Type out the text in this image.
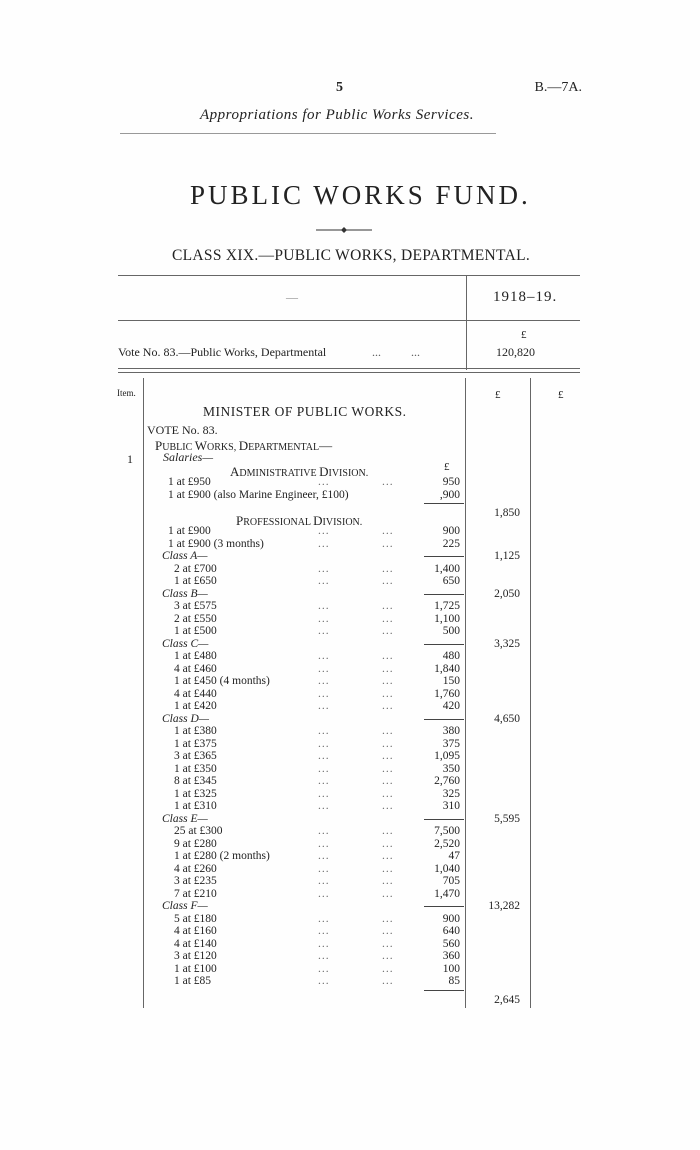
5	B.—7A.
Appropriations for Public Works Services.
PUBLIC WORKS FUND.
CLASS XIX.—PUBLIC WORKS, DEPARTMENTAL.
—	1918–19.
£
Vote No. 83.—Public Works, Departmental	...          ...	120,820
Item.	£	£
MINISTER OF PUBLIC WORKS.
VOTE No. 83.
PUBLIC WORKS, DEPARTMENTAL—
1	Salaries—
£
ADMINISTRATIVE DIVISION.
PROFESSIONAL DIVISION.
1 at £950	...	...	950
1 at £900 (also Marine Engineer, £100)	,900
1,850
1 at £900	...	...	900
1 at £900 (3 months)	...	...	225
Class A—	1,125
2 at £700	...	...	1,400
1 at £650	...	...	650
Class B—	2,050
3 at £575	...	...	1,725
2 at £550	...	...	1,100
1 at £500	...	...	500
Class C—	3,325
1 at £480	...	...	480
4 at £460	...	...	1,840
1 at £450 (4 months)	...	...	150
4 at £440	...	...	1,760
1 at £420	...	...	420
Class D—	4,650
1 at £380	...	...	380
1 at £375	...	...	375
3 at £365	...	...	1,095
1 at £350	...	...	350
8 at £345	...	...	2,760
1 at £325	...	...	325
1 at £310	...	...	310
Class E—	5,595
25 at £300	...	...	7,500
9 at £280	...	...	2,520
1 at £280 (2 months)	...	...	47
4 at £260	...	...	1,040
3 at £235	...	...	705
7 at £210	...	...	1,470
Class F—	13,282
5 at £180	...	...	900
4 at £160	...	...	640
4 at £140	...	...	560
3 at £120	...	...	360
1 at £100	...	...	100
1 at £85	...	...	85
2,645
